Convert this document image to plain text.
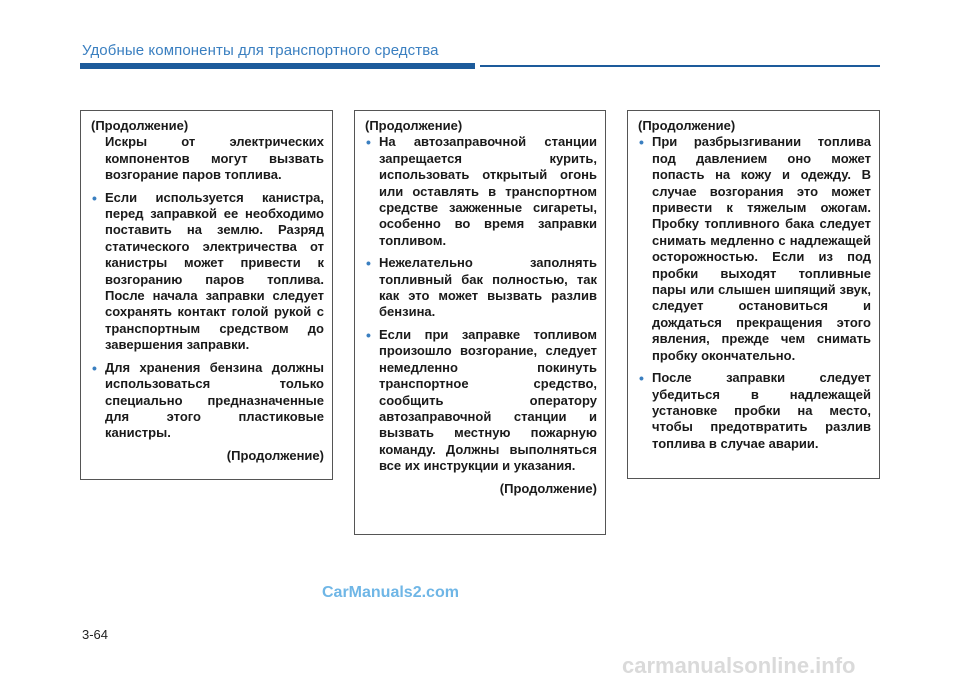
Удобные компоненты для транспортного средства

(Продолжение)

Искры от электрических компонентов могут вызвать возгорание паров топлива.

• Если используется канистра, перед заправкой ее необходимо поставить на землю. Разряд статического электричества от канистры может привести к возгоранию паров топлива. После начала заправки следует сохранять контакт голой рукой с транспортным средством до завершения заправки.
• Для хранения бензина должны использоваться только специально предназначенные для этого пластиковые канистры.

(Продолжение)

(Продолжение)

• На автозаправочной станции запрещается курить, использовать открытый огонь или оставлять в транспортном средстве зажженные сигареты, особенно во время заправки топливом.
• Нежелательно заполнять топливный бак полностью, так как это может вызвать разлив бензина.
• Если при заправке топливом произошло возгорание, следует немедленно покинуть транспортное средство, сообщить оператору автозаправочной станции и вызвать местную пожарную команду. Должны выполняться все их инструкции и указания.

(Продолжение)

(Продолжение)

• При разбрызгивании топлива под давлением оно может попасть на кожу и одежду. В случае возгорания это может привести к тяжелым ожогам. Пробку топливного бака следует снимать медленно с надлежащей осторожностью. Если из под пробки выходят топливные пары или слышен шипящий звук, следует остановиться и дождаться прекращения этого явления, прежде чем снимать пробку окончательно.
• После заправки следует убедиться в надлежащей установке пробки на место, чтобы предотвратить разлив топлива в случае аварии.
CarManuals2.com
3-64
carmanualsonline.info
